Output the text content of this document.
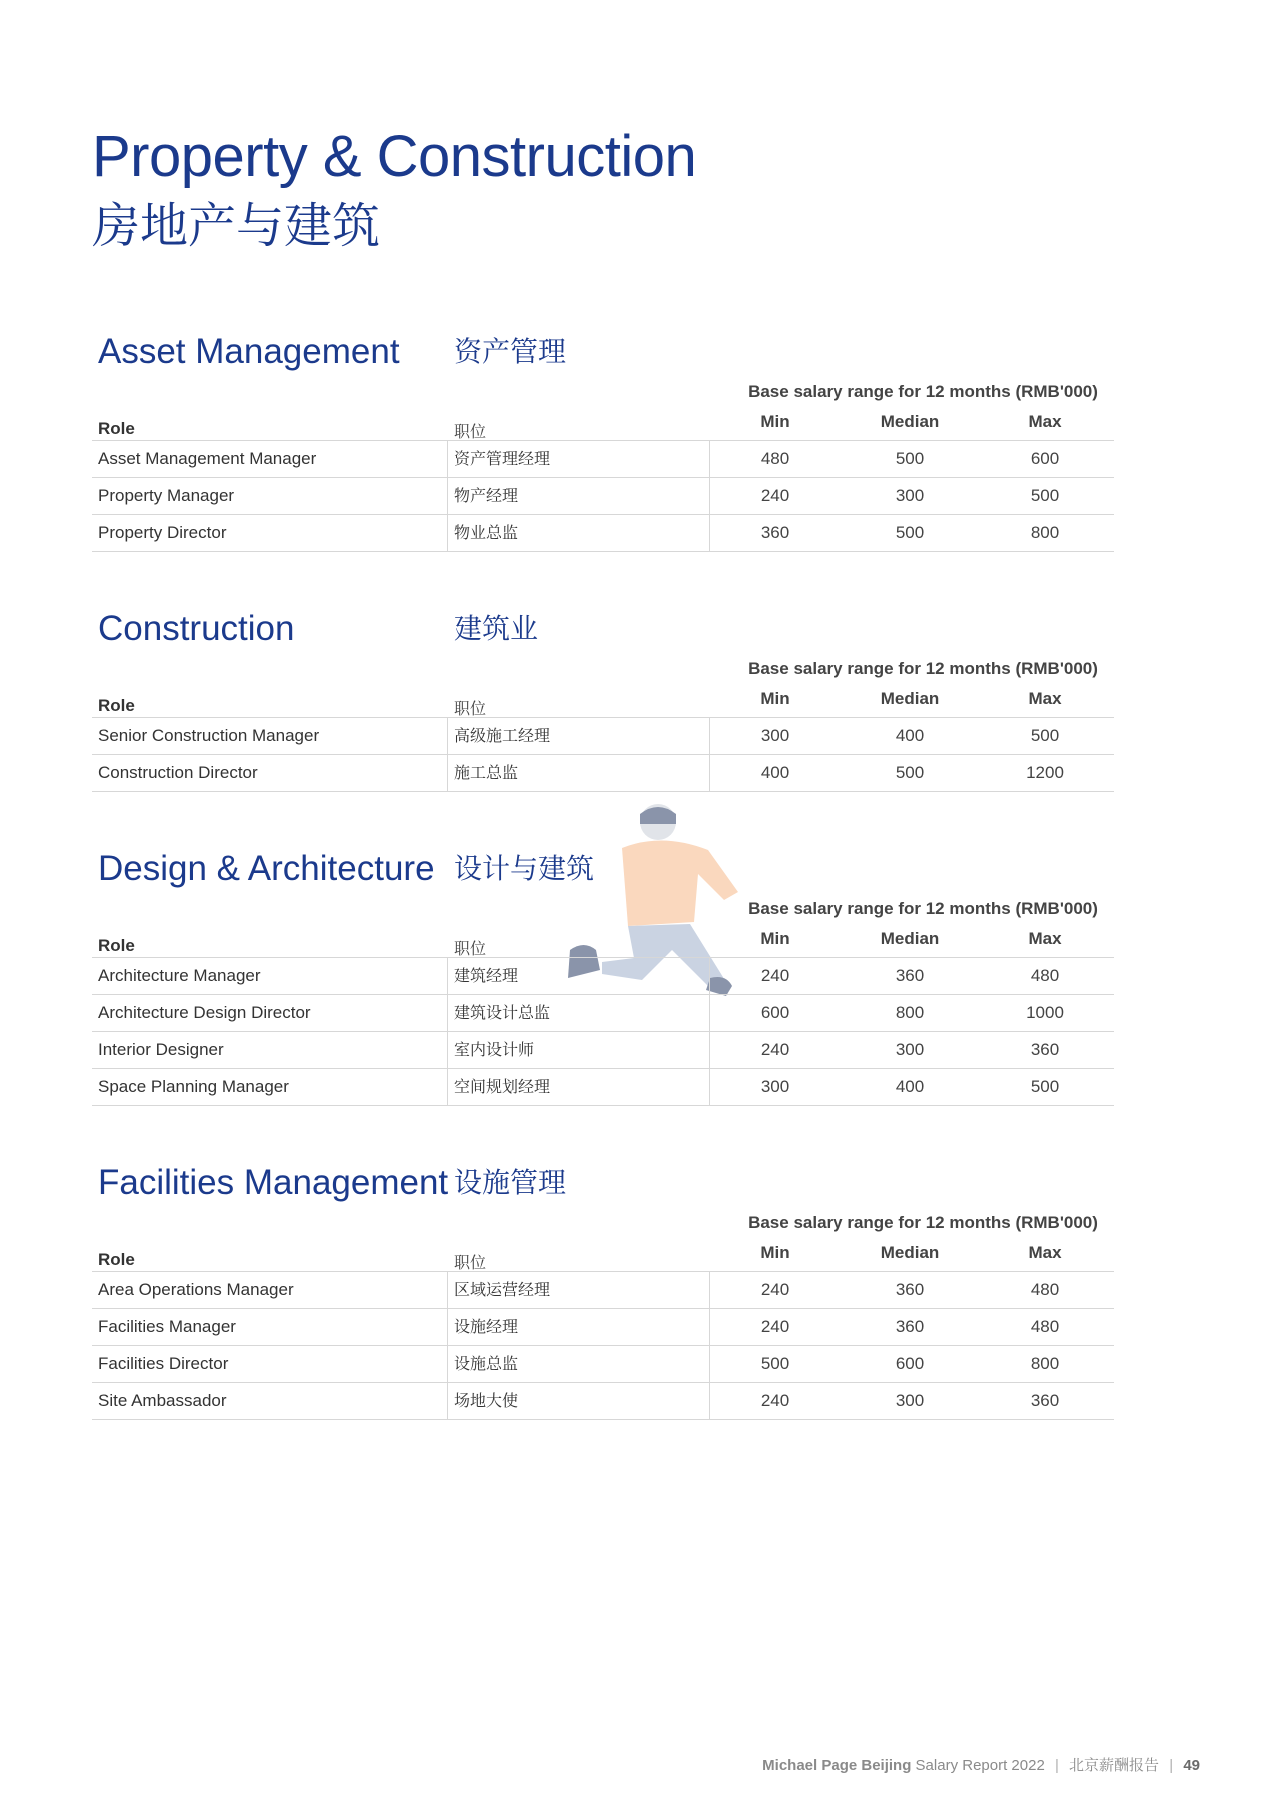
Property & Construction
房地产与建筑
Asset Management 资产管理
Base salary range for 12 months (RMB'000)
Role	职位
Min	Median	Max
Asset Management Manager	资产管理经理	480	500	600
Property Manager	物产经理	240	300	500
Property Director	物业总监	360	500	800
Construction	建筑业
Base salary range for 12 months (RMB'000)
Role	职位
Min	Median	Max
Senior Construction Manager	高级施工经理	300	400	500
Construction Director	施工总监	400	500	1200
Design & Architecture 设计与建筑
Base salary range for 12 months (RMB'000)
Role	职位
Min	Median	Max
Architecture Manager	建筑经理	240	360	480
Architecture Design Director	建筑设计总监	600	800	1000
Interior Designer	室内设计师	240	300	360
Space Planning Manager	空间规划经理	300	400	500
Facilities Management 设施管理
Base salary range for 12 months (RMB'000)
Role	职位
Min	Median	Max
Area Operations Manager	区域运营经理	240	360	480
Facilities Manager	设施经理	240	360	480
Facilities Director	设施总监	500	600	800
Site Ambassador	场地大使	240	300	360
Michael Page Beijing Salary Report 2022 | 北京薪酬报告 | 49
